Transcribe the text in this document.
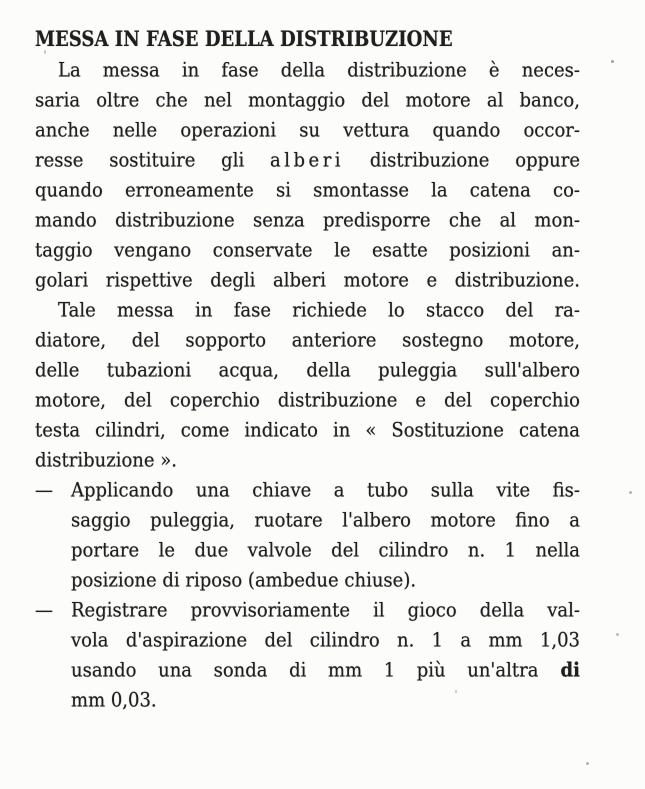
MESSA IN FASE DELLA DISTRIBUZIONE
La messa in fase della distribuzione è neces-
saria oltre che nel montaggio del motore al banco,
anche nelle operazioni su vettura quando occor-
resse sostituire gli alberi distribuzione oppure
quando erroneamente si smontasse la catena co-
mando distribuzione senza predisporre che al mon-
taggio vengano conservate le esatte posizioni an-
golari rispettive degli alberi motore e distribuzione.
Tale messa in fase richiede lo stacco del ra-
diatore, del sopporto anteriore sostegno motore,
delle tubazioni acqua, della puleggia sull'albero
motore, del coperchio distribuzione e del coperchio
testa cilindri, come indicato in « Sostituzione catena
distribuzione ».
— Applicando una chiave a tubo sulla vite fis-
saggio puleggia, ruotare l'albero motore fino a
portare le due valvole del cilindro n. 1 nella
posizione di riposo (ambedue chiuse).
— Registrare provvisoriamente il gioco della val-
vola d'aspirazione del cilindro n. 1 a mm 1,03
usando una sonda di mm 1 più un'altra di
mm 0,03.
